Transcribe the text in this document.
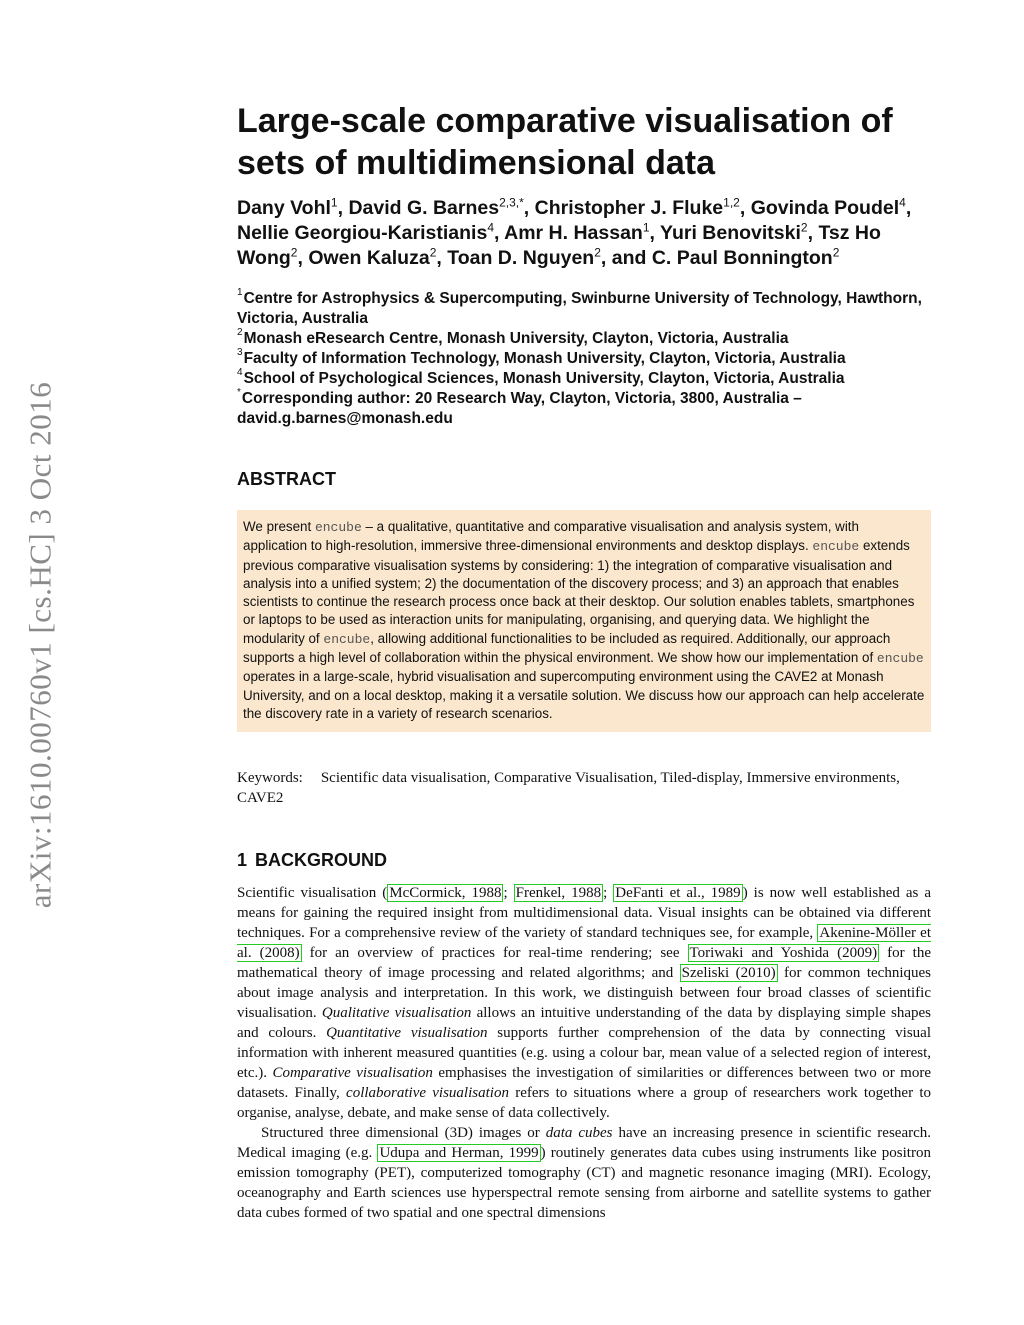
arXiv:1610.00760v1 [cs.HC] 3 Oct 2016
Large-scale comparative visualisation of
sets of multidimensional data
Dany Vohl$^1$, David G. Barnes$^{2,3,*}$, Christopher J. Fluke$^{1,2}$, Govinda Poudel$^4$, Nellie Georgiou-Karistianis$^4$, Amr H. Hassan$^1$, Yuri Benovitski$^2$, Tsz Ho Wong$^2$, Owen Kaluza$^2$, Toan D. Nguyen$^2$, and C. Paul Bonnington$^2$
$^1$Centre for Astrophysics & Supercomputing, Swinburne University of Technology, Hawthorn, Victoria, Australia
$^2$Monash eResearch Centre, Monash University, Clayton, Victoria, Australia
$^3$Faculty of Information Technology, Monash University, Clayton, Victoria, Australia
$^4$School of Psychological Sciences, Monash University, Clayton, Victoria, Australia
*Corresponding author: 20 Research Way, Clayton, Victoria, 3800, Australia – david.g.barnes@monash.edu
ABSTRACT
We present encube – a qualitative, quantitative and comparative visualisation and analysis system, with application to high-resolution, immersive three-dimensional environments and desktop displays. encube extends previous comparative visualisation systems by considering: 1) the integration of comparative visualisation and analysis into a unified system; 2) the documentation of the discovery process; and 3) an approach that enables scientists to continue the research process once back at their desktop. Our solution enables tablets, smartphones or laptops to be used as interaction units for manipulating, organising, and querying data. We highlight the modularity of encube, allowing additional functionalities to be included as required. Additionally, our approach supports a high level of collaboration within the physical environment. We show how our implementation of encube operates in a large-scale, hybrid visualisation and supercomputing environment using the CAVE2 at Monash University, and on a local desktop, making it a versatile solution. We discuss how our approach can help accelerate the discovery rate in a variety of research scenarios.
Keywords: Scientific data visualisation, Comparative Visualisation, Tiled-display, Immersive environments, CAVE2
1 BACKGROUND

Scientific visualisation ( McCormick, 1988 ; Frenkel, 1988 ; DeFanti et al., 1989 ) is now well established as a means for gaining the required insight from multidimensional data. Visual insights can be obtained via different techniques. For a comprehensive review of the variety of standard techniques see, for example, Akenine-Möller et al. (2008) for an overview of practices for real-time rendering; see Toriwaki and Yoshida (2009) for the mathematical theory of image processing and related algorithms; and Szeliski (2010) for common techniques about image analysis and interpretation. In this work, we distinguish between four broad classes of scientific visualisation. Qualitative visualisation allows an intuitive understanding of the data by displaying simple shapes and colours. Quantitative visualisation supports further comprehension of the data by connecting visual information with inherent measured quantities (e.g. using a colour bar, mean value of a selected region of interest, etc.). Comparative visualisation emphasises the investigation of similarities or differences between two or more datasets. Finally, collaborative visualisation refers to situations where a group of researchers work together to organise, analyse, debate, and make sense of data collectively.

Structured three dimensional (3D) images or data cubes have an increasing presence in scientific research. Medical imaging (e.g. Udupa and Herman, 1999 ) routinely generates data cubes using instruments like positron emission tomography (PET), computerized tomography (CT) and magnetic resonance imaging (MRI). Ecology, oceanography and Earth sciences use hyperspectral remote sensing from airborne and satellite systems to gather data cubes formed of two spatial and one spectral dimensions
